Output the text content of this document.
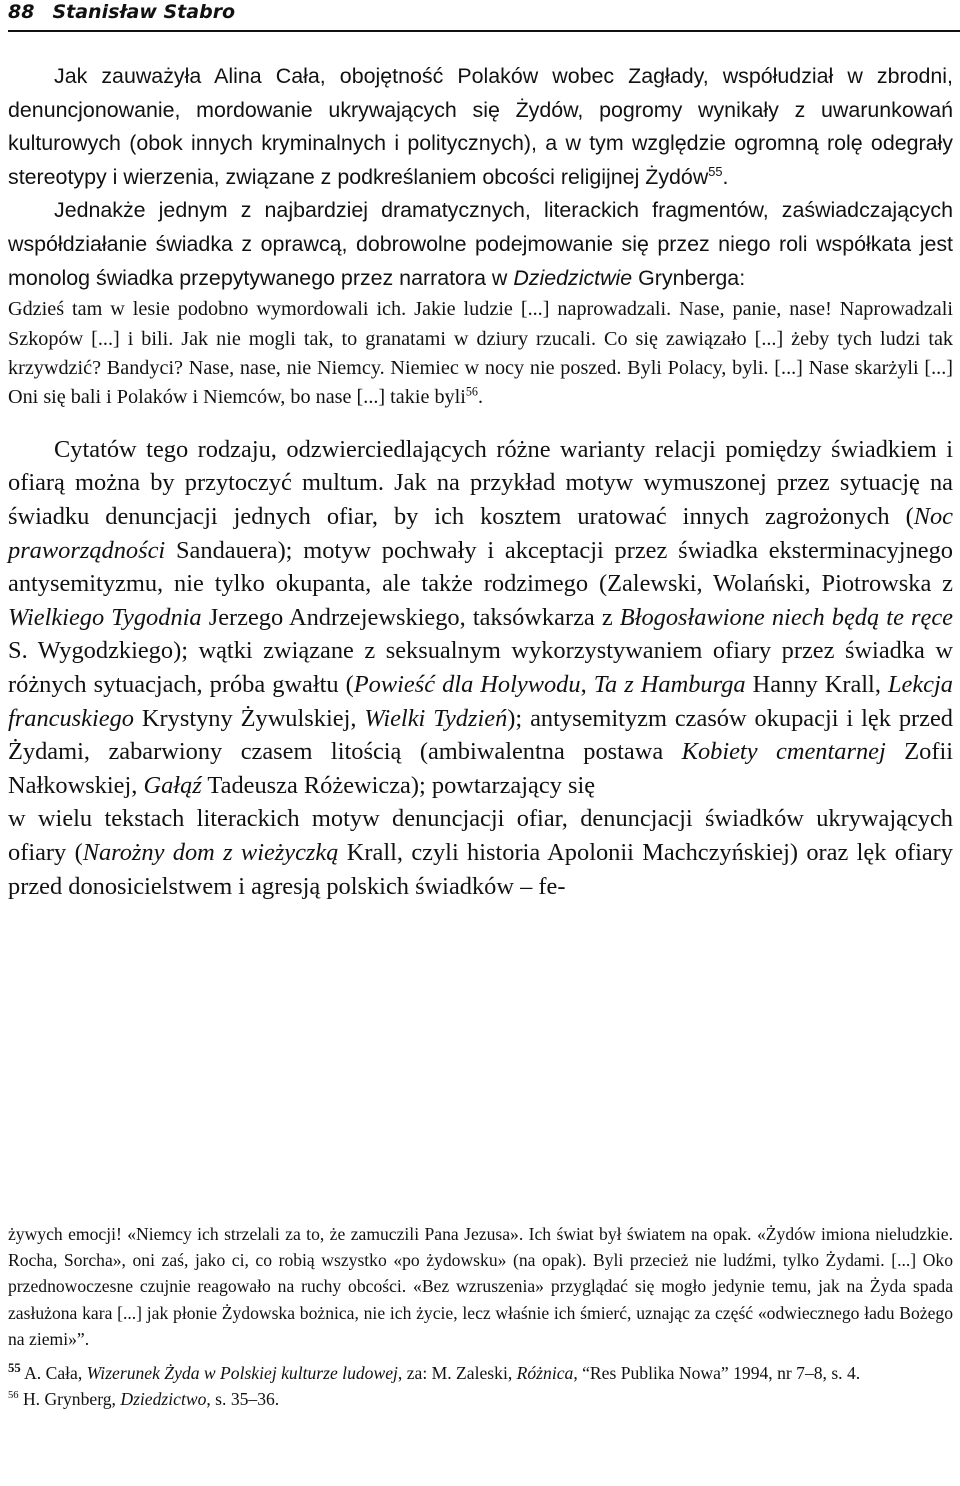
88 Stanisław Stabro

Jak zauważyła Alina Cała, obojętność Polaków wobec Zagłady, współudział w zbrodni, denuncjonowanie, mordowanie ukrywających się Żydów, pogromy wynikały z uwarunkowań kulturowych (obok innych kryminalnych i politycznych), a w tym względzie ogromną rolę odegrały stereotypy i wierzenia, związane z podkreślaniem obcości religijnej Żydów$^{55}$.

Jednakże jednym z najbardziej dramatycznych, literackich fragmentów, zaświadczających współdziałanie świadka z oprawcą, dobrowolne podejmowanie się przez niego roli współkata jest monolog świadka przepytywanego przez narratora w Dziedzictwie Grynberga:

Gdzieś tam w lesie podobno wymordowali ich. Jakie ludzie [...] naprowadzali. Nase, panie, nase! Naprowadzali Szkopów [...] i bili. Jak nie mogli tak, to granatami w dziury rzucali. Co się zawiązało [...] żeby tych ludzi tak krzywdzić? Bandyci? Nase, nase, nie Niemcy. Niemiec w nocy nie poszed. Byli Polacy, byli. [...] Nase skarżyli [...] Oni się bali i Polaków i Niemców, bo nase [...] takie byli$^{56}$.

Cytatów tego rodzaju, odzwierciedlających różne warianty relacji pomiędzy świadkiem i ofiarą można by przytoczyć multum. Jak na przykład motyw wymuszonej przez sytuację na świadku denuncjacji jednych ofiar, by ich kosztem uratować innych zagrożonych (Noc praworządności Sandauera); motyw pochwały i akceptacji przez świadka eksterminacyjnego antysemityzmu, nie tylko okupanta, ale także rodzimego (Zalewski, Wolański, Piotrowska z Wielkiego Tygodnia Jerzego Andrzejewskiego, taksówkarza z Błogosławione niech będą te ręce S. Wygodzkiego); wątki związane z seksualnym wykorzystywaniem ofiary przez świadka w różnych sytuacjach, próba gwałtu (Powieść dla Holywodu, Ta z Hamburga Hanny Krall, Lekcja francuskiego Krystyny Żywulskiej, Wielki Tydzień); antysemityzm czasów okupacji i lęk przed Żydami, zabarwiony czasem litością (ambiwalentna postawa Kobiety cmentarnej Zofii Nałkowskiej, Gałąź Tadeusza Różewicza); powtarzający się

w wielu tekstach literackich motyw denuncjacji ofiar, denuncjacji świadków ukrywających ofiary (Narożny dom z wieżyczką Krall, czyli historia Apolonii Machczyńskiej) oraz lęk ofiary przed donosicielstwem i agresją polskich świadków – fe-

żywych emocji! «Niemcy ich strzelali za to, że zamuczili Pana Jezusa». Ich świat był światem na opak. «Żydów imiona nieludzkie. Rocha, Sorcha», oni zaś, jako ci, co robią wszystko «po żydowsku» (na opak). Byli przecież nie ludźmi, tylko Żydami. [...] Oko przednowoczesne czujnie reagowało na ruchy obcości. «Bez wzruszenia» przyglądać się mogło jedynie temu, jak na Żyda spada zasłużona kara [...] jak płonie Żydowska bożnica, nie ich życie, lecz właśnie ich śmierć, uznając za część «odwiecznego ładu Bożego na ziemi»”.

$^{55}$ A. Cała, Wizerunek Żyda w Polskiej kulturze ludowej, za: M. Zaleski, Różnica, “Res Publika Nowa” 1994, nr 7–8, s. 4.

$^{56}$ H. Grynberg, Dziedzictwo, s. 35–36.
